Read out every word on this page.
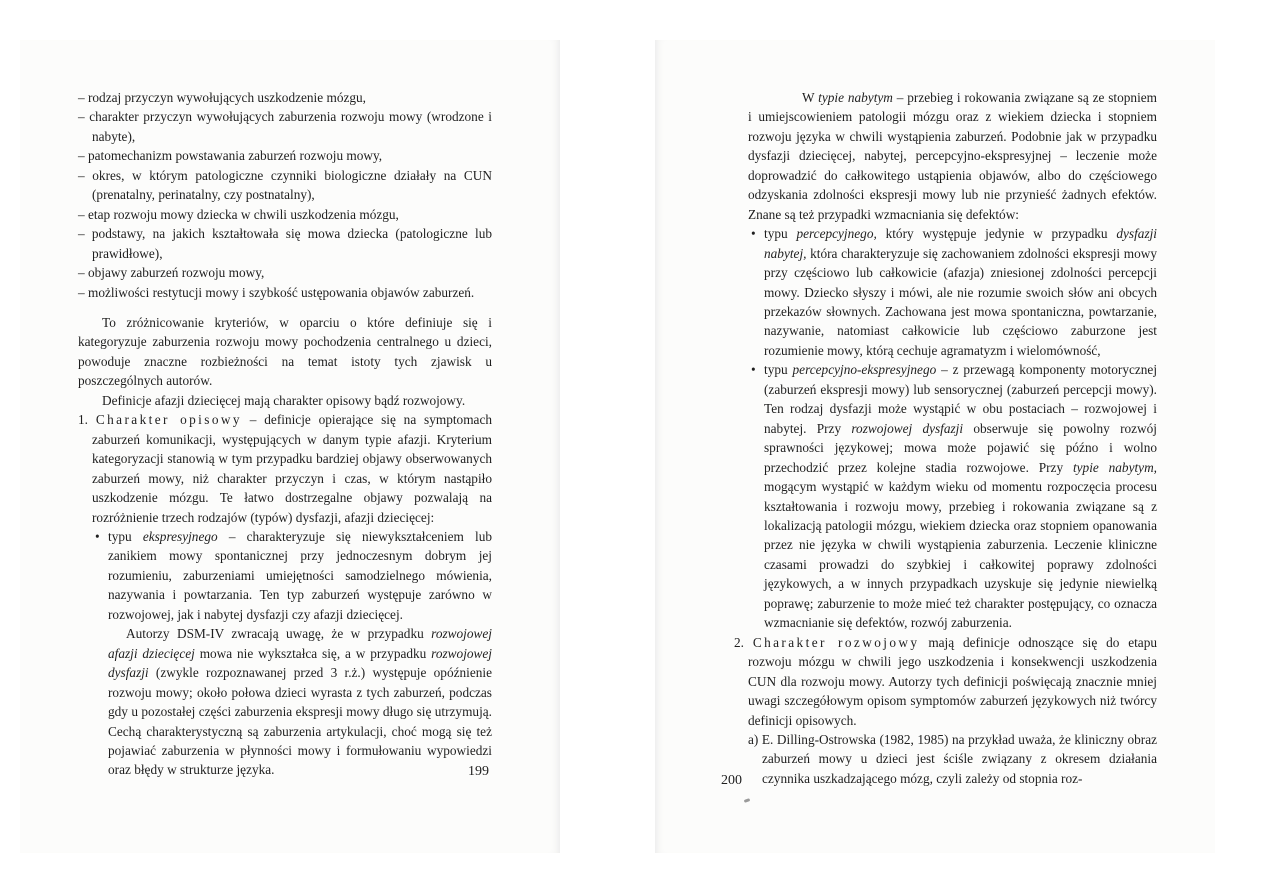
– rodzaj przyczyn wywołujących uszkodzenie mózgu,

– charakter przyczyn wywołujących zaburzenia rozwoju mowy (wrodzone i nabyte),

– patomechanizm powstawania zaburzeń rozwoju mowy,

– okres, w którym patologiczne czynniki biologiczne działały na CUN (prenatalny, perinatalny, czy postnatalny),

– etap rozwoju mowy dziecka w chwili uszkodzenia mózgu,

– podstawy, na jakich kształtowała się mowa dziecka (patologiczne lub prawidłowe),

– objawy zaburzeń rozwoju mowy,

– możliwości restytucji mowy i szybkość ustępowania objawów zaburzeń.

To zróżnicowanie kryteriów, w oparciu o które definiuje się i kategoryzuje zaburzenia rozwoju mowy pochodzenia centralnego u dzieci, powoduje znaczne rozbieżności na temat istoty tych zjawisk u poszczególnych autorów.

Definicje afazji dziecięcej mają charakter opisowy bądź rozwojowy.

1. Charakter opisowy – definicje opierające się na symptomach zaburzeń komunikacji, występujących w danym typie afazji. Kryterium kategoryzacji stanowią w tym przypadku bardziej objawy obserwowanych zaburzeń mowy, niż charakter przyczyn i czas, w którym nastąpiło uszkodzenie mózgu. Te łatwo dostrzegalne objawy pozwalają na rozróżnienie trzech rodzajów (typów) dysfazji, afazji dziecięcej:

• typu ekspresyjnego – charakteryzuje się niewykształceniem lub zanikiem mowy spontanicznej przy jednoczesnym dobrym jej rozumieniu, zaburzeniami umiejętności samodzielnego mówienia, nazywania i powtarzania. Ten typ zaburzeń występuje zarówno w rozwojowej, jak i nabytej dysfazji czy afazji dziecięcej.

Autorzy DSM-IV zwracają uwagę, że w przypadku rozwojowej afazji dziecięcej mowa nie wykształca się, a w przypadku rozwojowej dysfazji (zwykle rozpoznawanej przed 3 r.ż.) występuje opóźnienie rozwoju mowy; około połowa dzieci wyrasta z tych zaburzeń, podczas gdy u pozostałej części zaburzenia ekspresji mowy długo się utrzymują. Cechą charakterystyczną są zaburzenia artykulacji, choć mogą się też pojawiać zaburzenia w płynności mowy i formułowaniu wypowiedzi oraz błędy w strukturze języka.	199

W typie nabytym – przebieg i rokowania związane są ze stopniem i umiejscowieniem patologii mózgu oraz z wiekiem dziecka i stopniem rozwoju języka w chwili wystąpienia zaburzeń. Podobnie jak w przypadku dysfazji dziecięcej, nabytej, percepcyjno-ekspresyjnej – leczenie może doprowadzić do całkowitego ustąpienia objawów, albo do częściowego odzyskania zdolności ekspresji mowy lub nie przynieść żadnych efektów. Znane są też przypadki wzmacniania się defektów:

• typu percepcyjnego, który występuje jedynie w przypadku dysfazji nabytej, która charakteryzuje się zachowaniem zdolności ekspresji mowy przy częściowo lub całkowicie (afazja) zniesionej zdolności percepcji mowy. Dziecko słyszy i mówi, ale nie rozumie swoich słów ani obcych przekazów słownych. Zachowana jest mowa spontaniczna, powtarzanie, nazywanie, natomiast całkowicie lub częściowo zaburzone jest rozumienie mowy, którą cechuje agramatyzm i wielomówność,

• typu percepcyjno-ekspresyjnego – z przewagą komponenty motorycznej (zaburzeń ekspresji mowy) lub sensorycznej (zaburzeń percepcji mowy). Ten rodzaj dysfazji może wystąpić w obu postaciach – rozwojowej i nabytej. Przy rozwojowej dysfazji obserwuje się powolny rozwój sprawności językowej; mowa może pojawić się późno i wolno przechodzić przez kolejne stadia rozwojowe. Przy typie nabytym, mogącym wystąpić w każdym wieku od momentu rozpoczęcia procesu kształtowania i rozwoju mowy, przebieg i rokowania związane są z lokalizacją patologii mózgu, wiekiem dziecka oraz stopniem opanowania przez nie języka w chwili wystąpienia zaburzenia. Leczenie kliniczne czasami prowadzi do szybkiej i całkowitej poprawy zdolności językowych, a w innych przypadkach uzyskuje się jedynie niewielką poprawę; zaburzenie to może mieć też charakter postępujący, co oznacza wzmacnianie się defektów, rozwój zaburzenia.

2. Charakter rozwojowy mają definicje odnoszące się do etapu rozwoju mózgu w chwili jego uszkodzenia i konsekwencji uszkodzenia CUN dla rozwoju mowy. Autorzy tych definicji poświęcają znacznie mniej uwagi szczegółowym opisom symptomów zaburzeń językowych niż twórcy definicji opisowych.

a) E. Dilling-Ostrowska (1982, 1985) na przykład uważa, że kliniczny obraz zaburzeń mowy u dzieci jest ściśle związany z okresem działania czynnika uszkadzającego mózg, czyli zależy od stopnia roz-

200
